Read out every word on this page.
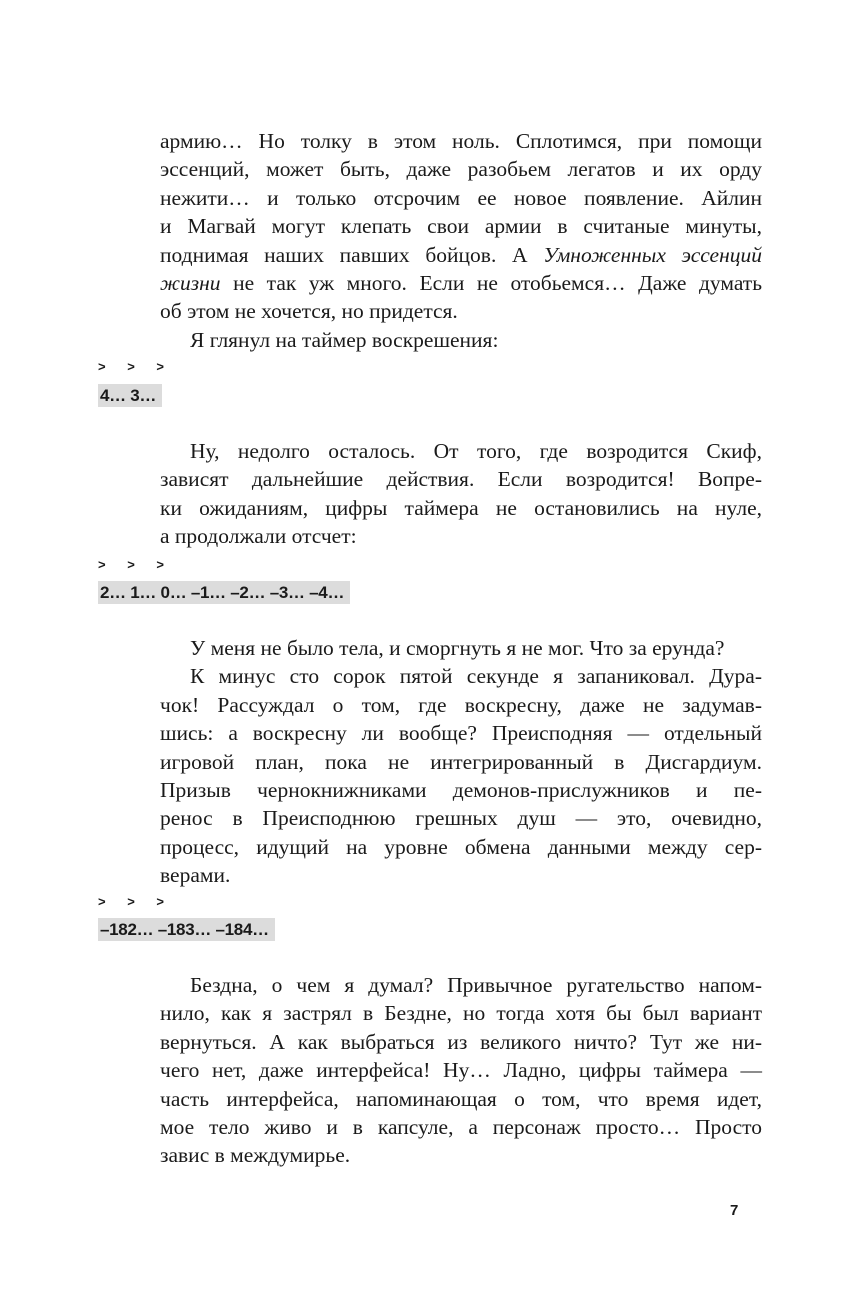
армию… Но толку в этом ноль. Сплотимся, при помощи
эссенций, может быть, даже разобьем легатов и их орду
нежити… и только отсрочим ее новое появление. Айлин
и Магвай могут клепать свои армии в считаные минуты,
поднимая наших павших бойцов. А Умноженных эссенций
жизни не так уж много. Если не отобьемся… Даже думать
об этом не хочется, но придется.
Я глянул на таймер воскрешения:
> > >
4… 3…
Ну, недолго осталось. От того, где возродится Скиф,
зависят дальнейшие действия. Если возродится! Вопре-
ки ожиданиям, цифры таймера не остановились на нуле,
а продолжали отсчет:
> > >
2… 1… 0… –1… –2… –3… –4…
У меня не было тела, и сморгнуть я не мог. Что за ерунда?
К минус сто сорок пятой секунде я запаниковал. Дура-
чок! Рассуждал о том, где воскресну, даже не задумав-
шись: а воскресну ли вообще? Преисподняя — отдельный
игровой план, пока не интегрированный в Дисгардиум.
Призыв чернокнижниками демонов-прислужников и пе-
ренос в Преисподнюю грешных душ — это, очевидно,
процесс, идущий на уровне обмена данными между сер-
верами.
> > >
–182… –183… –184…
Бездна, о чем я думал? Привычное ругательство напом-
нило, как я застрял в Бездне, но тогда хотя бы был вариант
вернуться. А как выбраться из великого ничто? Тут же ни-
чего нет, даже интерфейса! Ну… Ладно, цифры таймера —
часть интерфейса, напоминающая о том, что время идет,
мое тело живо и в капсуле, а персонаж просто… Просто
завис в междумирье.
7
